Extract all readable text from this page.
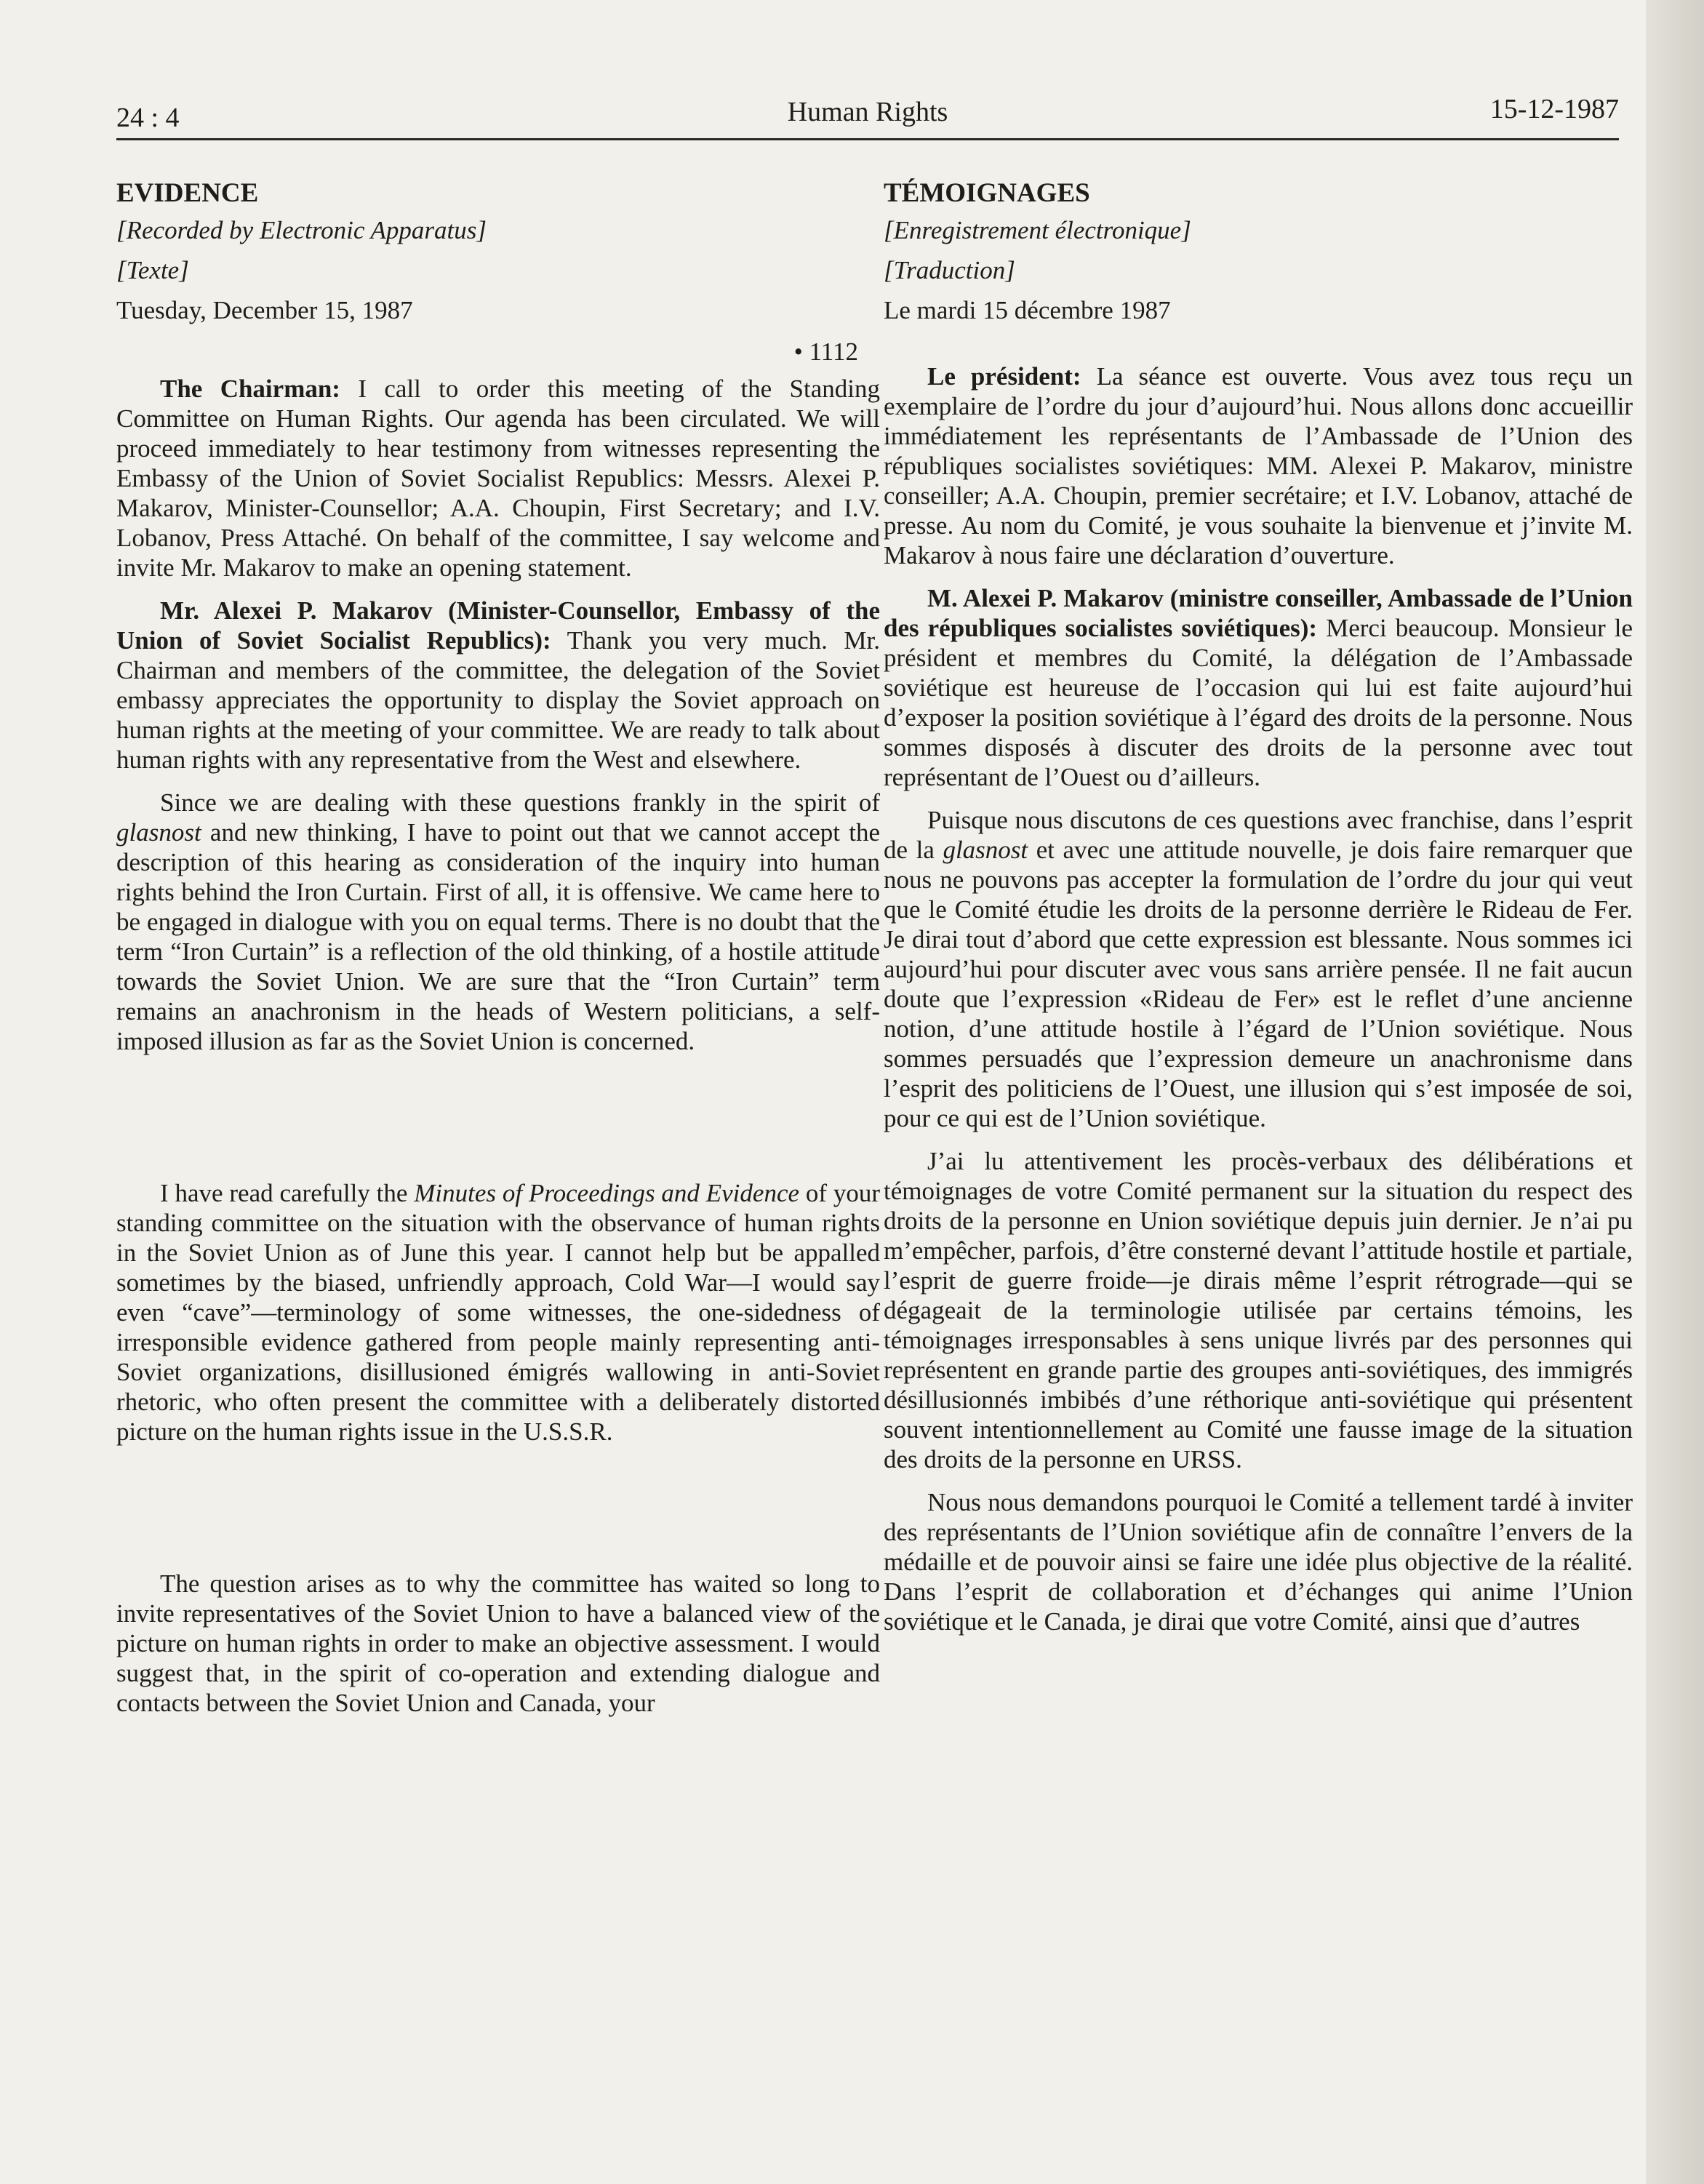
24 : 4	Human Rights	15-12-1987
EVIDENCE
[Recorded by Electronic Apparatus]
[Texte]
Tuesday, December 15, 1987
• 1112

The Chairman: I call to order this meeting of the Standing Committee on Human Rights. Our agenda has been circulated. We will proceed immediately to hear testimony from witnesses representing the Embassy of the Union of Soviet Socialist Republics: Messrs. Alexei P. Makarov, Minister-Counsellor; A.A. Choupin, First Secretary; and I.V. Lobanov, Press Attaché. On behalf of the committee, I say welcome and invite Mr. Makarov to make an opening statement.

Mr. Alexei P. Makarov (Minister-Counsellor, Embassy of the Union of Soviet Socialist Republics): Thank you very much. Mr. Chairman and members of the committee, the delegation of the Soviet embassy appreciates the opportunity to display the Soviet approach on human rights at the meeting of your committee. We are ready to talk about human rights with any representative from the West and elsewhere.

Since we are dealing with these questions frankly in the spirit of glasnost and new thinking, I have to point out that we cannot accept the description of this hearing as consideration of the inquiry into human rights behind the Iron Curtain. First of all, it is offensive. We came here to be engaged in dialogue with you on equal terms. There is no doubt that the term “Iron Curtain” is a reflection of the old thinking, of a hostile attitude towards the Soviet Union. We are sure that the “Iron Curtain” term remains an anachronism in the heads of Western politicians, a self-imposed illusion as far as the Soviet Union is concerned.

I have read carefully the Minutes of Proceedings and Evidence of your standing committee on the situation with the observance of human rights in the Soviet Union as of June this year. I cannot help but be appalled sometimes by the biased, unfriendly approach, Cold War—I would say even “cave”—terminology of some witnesses, the one-sidedness of irresponsible evidence gathered from people mainly representing anti-Soviet organizations, disillusioned émigrés wallowing in anti-Soviet rhetoric, who often present the committee with a deliberately distorted picture on the human rights issue in the U.S.S.R.

The question arises as to why the committee has waited so long to invite representatives of the Soviet Union to have a balanced view of the picture on human rights in order to make an objective assessment. I would suggest that, in the spirit of co-operation and extending dialogue and contacts between the Soviet Union and Canada, your

TÉMOIGNAGES
[Enregistrement électronique]
[Traduction]
Le mardi 15 décembre 1987

Le président: La séance est ouverte. Vous avez tous reçu un exemplaire de l’ordre du jour d’aujourd’hui. Nous allons donc accueillir immédiatement les représentants de l’Ambassade de l’Union des républiques socialistes soviétiques: MM. Alexei P. Makarov, ministre conseiller; A.A. Choupin, premier secrétaire; et I.V. Lobanov, attaché de presse. Au nom du Comité, je vous souhaite la bienvenue et j’invite M. Makarov à nous faire une déclaration d’ouverture.

M. Alexei P. Makarov (ministre conseiller, Ambassade de l’Union des républiques socialistes soviétiques): Merci beaucoup. Monsieur le président et membres du Comité, la délégation de l’Ambassade soviétique est heureuse de l’occasion qui lui est faite aujourd’hui d’exposer la position soviétique à l’égard des droits de la personne. Nous sommes disposés à discuter des droits de la personne avec tout représentant de l’Ouest ou d’ailleurs.

Puisque nous discutons de ces questions avec franchise, dans l’esprit de la glasnost et avec une attitude nouvelle, je dois faire remarquer que nous ne pouvons pas accepter la formulation de l’ordre du jour qui veut que le Comité étudie les droits de la personne derrière le Rideau de Fer. Je dirai tout d’abord que cette expression est blessante. Nous sommes ici aujourd’hui pour discuter avec vous sans arrière pensée. Il ne fait aucun doute que l’expression «Rideau de Fer» est le reflet d’une ancienne notion, d’une attitude hostile à l’égard de l’Union soviétique. Nous sommes persuadés que l’expression demeure un anachronisme dans l’esprit des politiciens de l’Ouest, une illusion qui s’est imposée de soi, pour ce qui est de l’Union soviétique.

J’ai lu attentivement les procès-verbaux des délibérations et témoignages de votre Comité permanent sur la situation du respect des droits de la personne en Union soviétique depuis juin dernier. Je n’ai pu m’empêcher, parfois, d’être consterné devant l’attitude hostile et partiale, l’esprit de guerre froide—je dirais même l’esprit rétrograde—qui se dégageait de la terminologie utilisée par certains témoins, les témoignages irresponsables à sens unique livrés par des personnes qui représentent en grande partie des groupes anti-soviétiques, des immigrés désillusionnés imbibés d’une réthorique anti-soviétique qui présentent souvent intentionnellement au Comité une fausse image de la situation des droits de la personne en URSS.

Nous nous demandons pourquoi le Comité a tellement tardé à inviter des représentants de l’Union soviétique afin de connaître l’envers de la médaille et de pouvoir ainsi se faire une idée plus objective de la réalité. Dans l’esprit de collaboration et d’échanges qui anime l’Union soviétique et le Canada, je dirai que votre Comité, ainsi que d’autres
